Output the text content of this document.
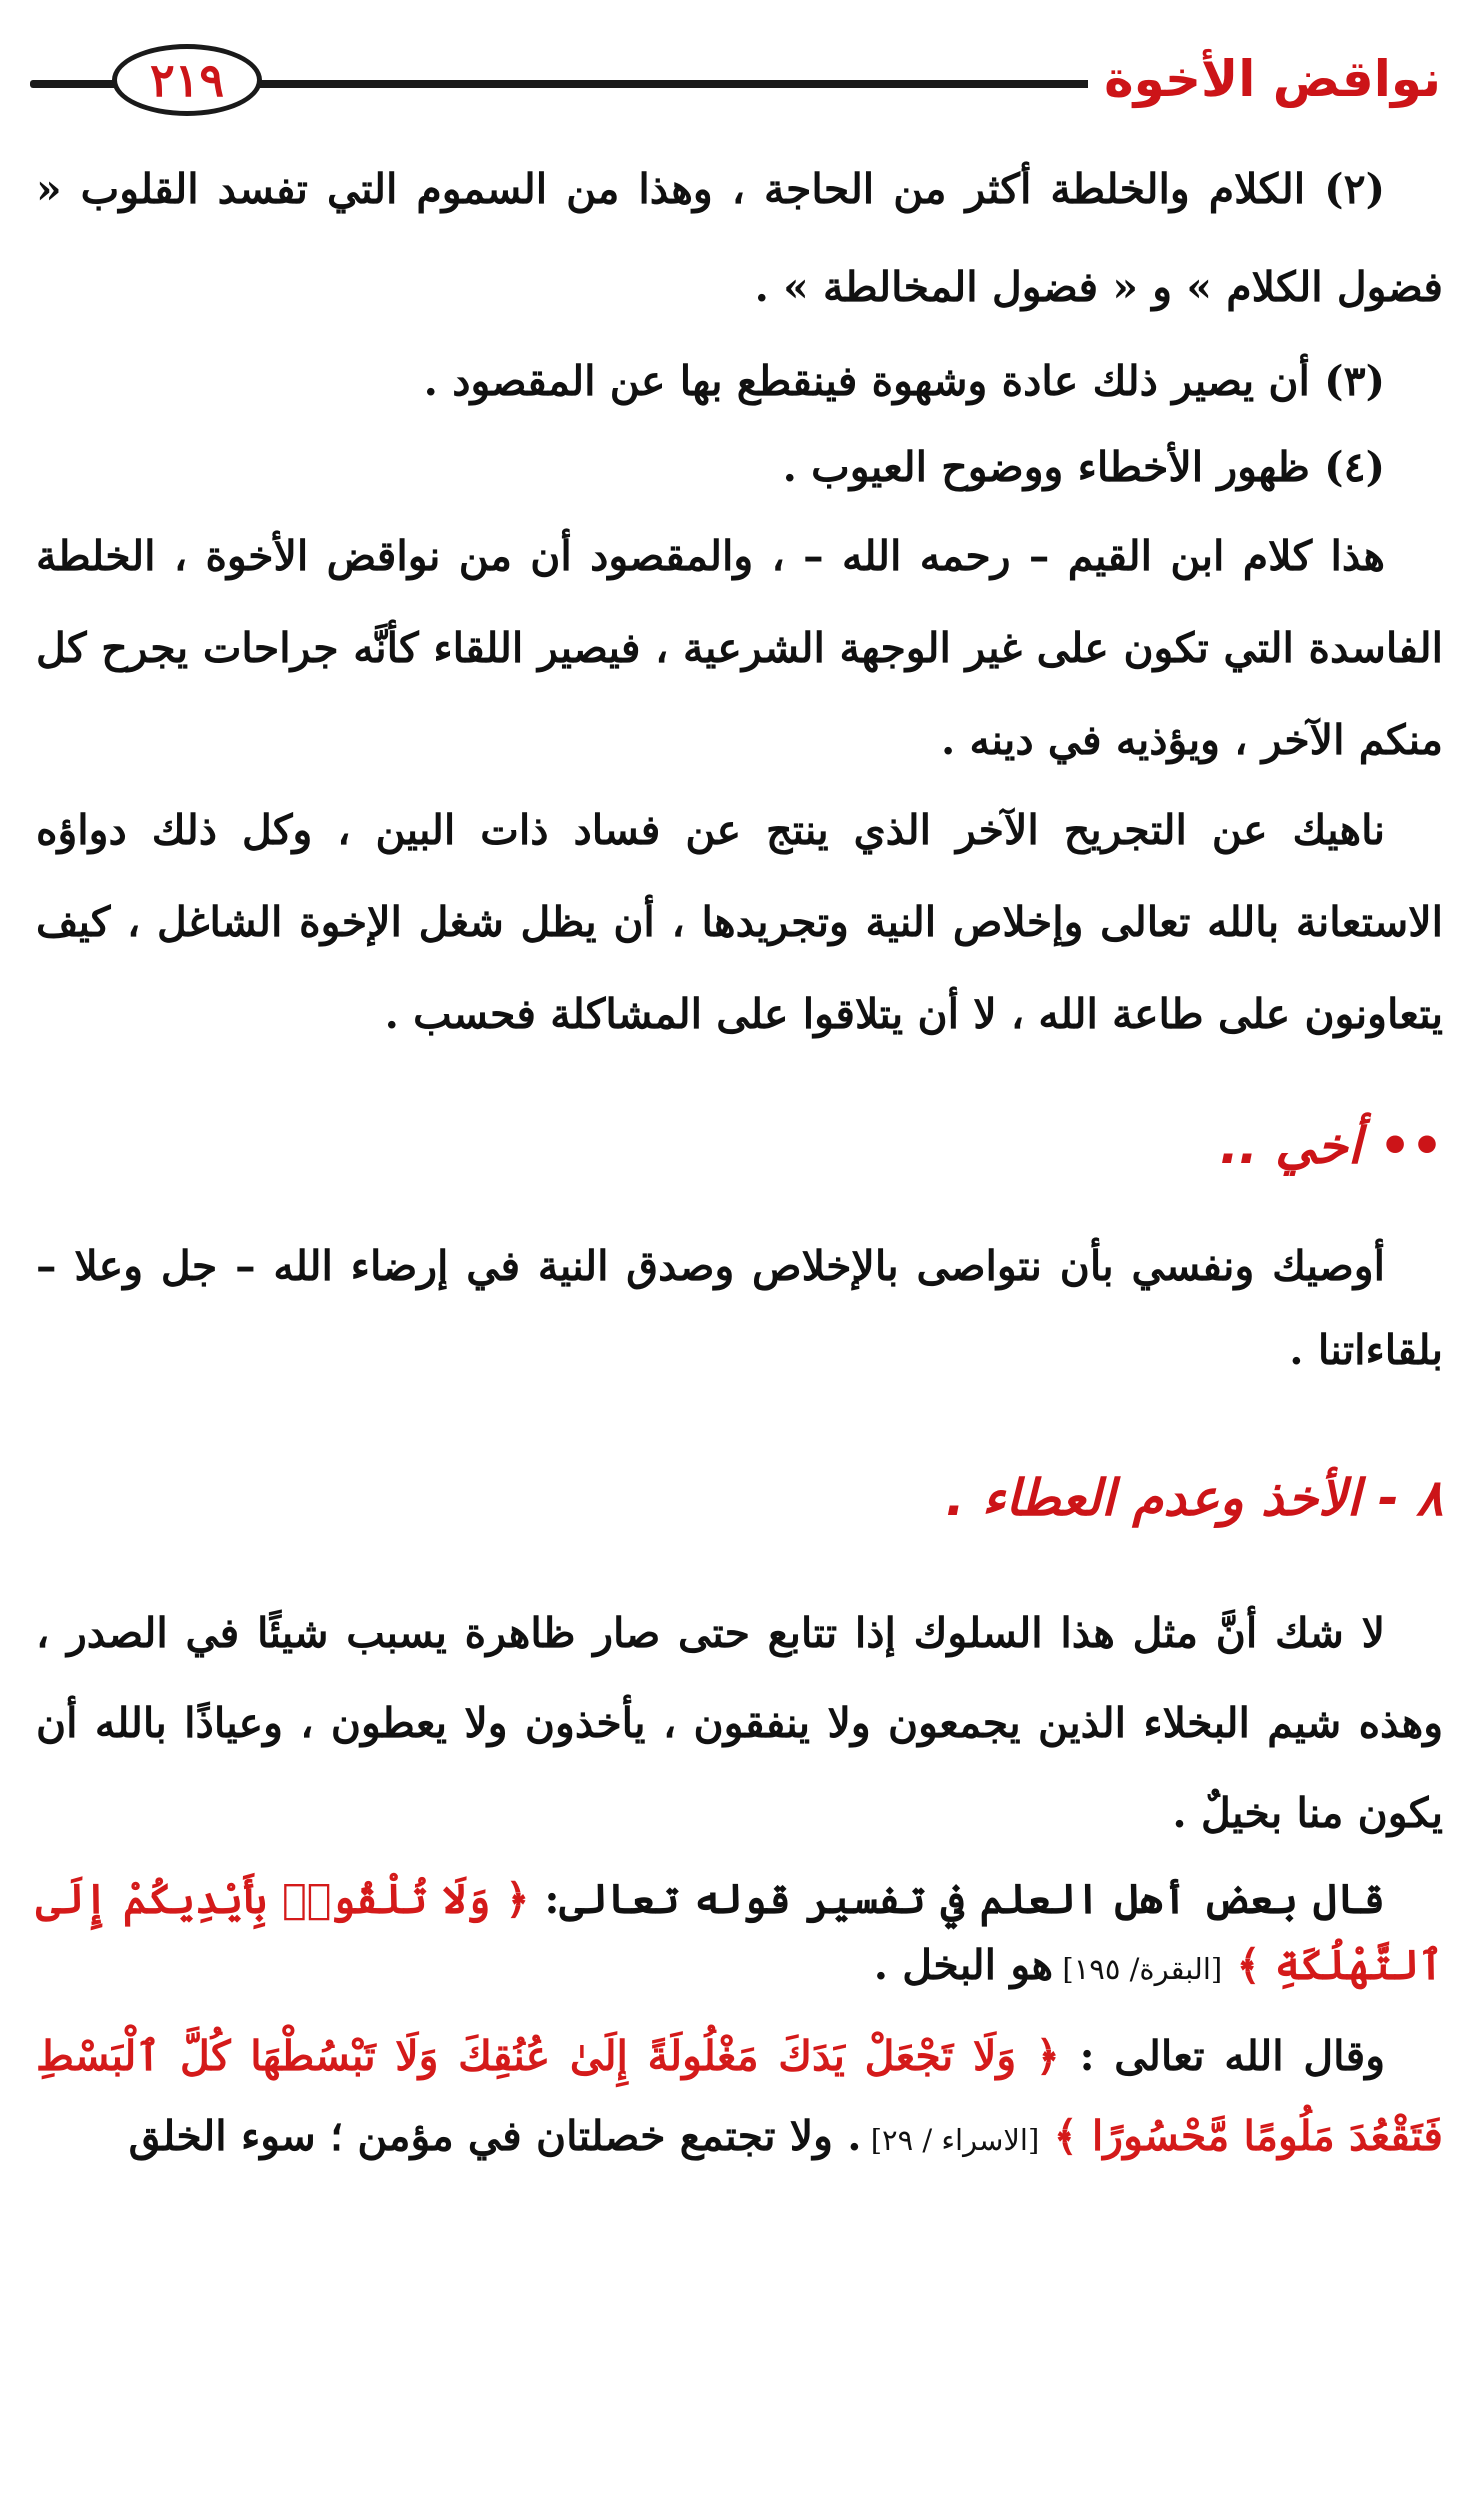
٢١٩	نواقض الأخوة

(٢) الكلام والخلطة أكثر من الحاجة ، وهذا من السموم التي تفسد القلوب « فضول الكلام » و « فضول المخالطة » .

(٣) أن يصير ذلك عادة وشهوة فينقطع بها عن المقصود .

(٤) ظهور الأخطاء ووضوح العيوب .

هذا كلام ابن القيم – رحمه الله – ، والمقصود أن من نواقض الأخوة ، الخلطة الفاسدة التي تكون على غير الوجهة الشرعية ، فيصير اللقاء كأنَّه جراحات يجرح كل منكم الآخر ، ويؤذيه في دينه .

ناهيك عن التجريح الآخر الذي ينتج عن فساد ذات البين ، وكل ذلك دواؤه الاستعانة بالله تعالى وإخلاص النية وتجريدها ، أن يظل شغل الإخوة الشاغل ، كيف يتعاونون على طاعة الله ، لا أن يتلاقوا على المشاكلة فحسب .

•• أخي ..

أوصيك ونفسي بأن نتواصى بالإخلاص وصدق النية في إرضاء الله – جل وعلا – بلقاءاتنا .

٨ - الأخذ وعدم العطاء .

لا شك أنَّ مثل هذا السلوك إذا تتابع حتى صار ظاهرة يسبب شيئًا في الصدر ، وهذه شيم البخلاء الذين يجمعون ولا ينفقون ، يأخذون ولا يعطون ، وعياذًا بالله أن يكون منا بخيلٌ .

قال بعض أهل العلم في تفسير قوله تعالى: ﴿ وَلَا تُلْقُوا۟ بِأَيْدِيكُمْ إِلَى ٱلتَّهْلُكَةِ ﴾ [البقرة/ ١٩٥] هو البخل .

وقال الله تعالى : ﴿ وَلَا تَجْعَلْ يَدَكَ مَغْلُولَةً إِلَىٰ عُنُقِكَ وَلَا تَبْسُطْهَا كُلَّ ٱلْبَسْطِ فَتَقْعُدَ مَلُومًا مَّحْسُورًا ﴾ [الاسراء / ٢٩] . ولا تجتمع خصلتان في مؤمن ؛ سوء الخلق
